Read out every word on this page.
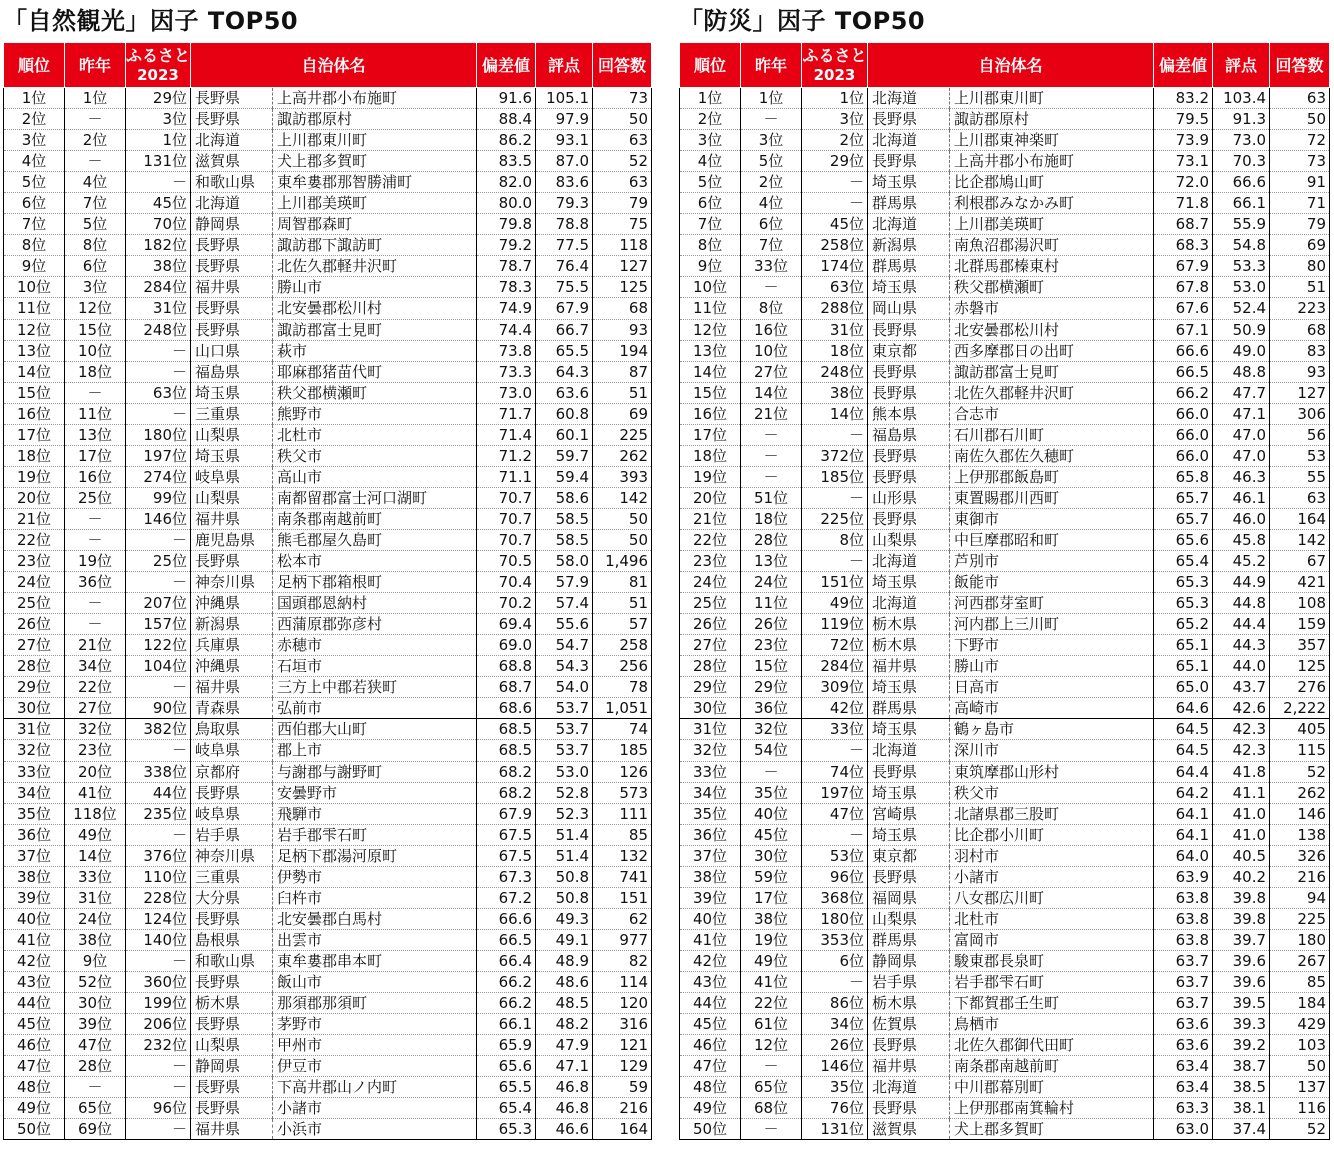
「自然観光」因子 TOP50
順位	昨年	ふるさと
2023	自治体名		偏差値	評点	回答数
1位	1位	29位	長野県	上高井郡小布施町	91.6	105.1	73
2位	－	3位	長野県	諏訪郡原村	88.4	97.9	50
3位	2位	1位	北海道	上川郡東川町	86.2	93.1	63
4位	－	131位	滋賀県	犬上郡多賀町	83.5	87.0	52
5位	4位	－	和歌山県	東牟婁郡那智勝浦町	82.0	83.6	63
6位	7位	45位	北海道	上川郡美瑛町	80.0	79.3	79
7位	5位	70位	静岡県	周智郡森町	79.8	78.8	75
8位	8位	182位	長野県	諏訪郡下諏訪町	79.2	77.5	118
9位	6位	38位	長野県	北佐久郡軽井沢町	78.7	76.4	127
10位	3位	284位	福井県	勝山市	78.3	75.5	125
11位	12位	31位	長野県	北安曇郡松川村	74.9	67.9	68
12位	15位	248位	長野県	諏訪郡富士見町	74.4	66.7	93
13位	10位	－	山口県	萩市	73.8	65.5	194
14位	18位	－	福島県	耶麻郡猪苗代町	73.3	64.3	87
15位	－	63位	埼玉県	秩父郡横瀬町	73.0	63.6	51
16位	11位	－	三重県	熊野市	71.7	60.8	69
17位	13位	180位	山梨県	北杜市	71.4	60.1	225
18位	17位	197位	埼玉県	秩父市	71.2	59.7	262
19位	16位	274位	岐阜県	高山市	71.1	59.4	393
20位	25位	99位	山梨県	南都留郡富士河口湖町	70.7	58.6	142
21位	－	146位	福井県	南条郡南越前町	70.7	58.5	50
22位	－	－	鹿児島県	熊毛郡屋久島町	70.7	58.5	50
23位	19位	25位	長野県	松本市	70.5	58.0	1,496
24位	36位	－	神奈川県	足柄下郡箱根町	70.4	57.9	81
25位	－	207位	沖縄県	国頭郡恩納村	70.2	57.4	51
26位	－	157位	新潟県	西蒲原郡弥彦村	69.4	55.6	57
27位	21位	122位	兵庫県	赤穂市	69.0	54.7	258
28位	34位	104位	沖縄県	石垣市	68.8	54.3	256
29位	22位	－	福井県	三方上中郡若狭町	68.7	54.0	78
30位	27位	90位	青森県	弘前市	68.6	53.7	1,051
31位	32位	382位	鳥取県	西伯郡大山町	68.5	53.7	74
32位	23位	－	岐阜県	郡上市	68.5	53.7	185
33位	20位	338位	京都府	与謝郡与謝野町	68.2	53.0	126
34位	41位	44位	長野県	安曇野市	68.2	52.8	573
35位	118位	235位	岐阜県	飛騨市	67.9	52.3	111
36位	49位	－	岩手県	岩手郡雫石町	67.5	51.4	85
37位	14位	376位	神奈川県	足柄下郡湯河原町	67.5	51.4	132
38位	33位	110位	三重県	伊勢市	67.3	50.8	741
39位	31位	228位	大分県	臼杵市	67.2	50.8	151
40位	24位	124位	長野県	北安曇郡白馬村	66.6	49.3	62
41位	38位	140位	島根県	出雲市	66.5	49.1	977
42位	9位	－	和歌山県	東牟婁郡串本町	66.4	48.9	82
43位	52位	360位	長野県	飯山市	66.2	48.6	114
44位	30位	199位	栃木県	那須郡那須町	66.2	48.5	120
45位	39位	206位	長野県	茅野市	66.1	48.2	316
46位	47位	232位	山梨県	甲州市	65.9	47.9	121
47位	28位	－	静岡県	伊豆市	65.6	47.1	129
48位	－	－	長野県	下高井郡山ノ内町	65.5	46.8	59
49位	65位	96位	長野県	小諸市	65.4	46.8	216
50位	69位	－	福井県	小浜市	65.3	46.6	164
「防災」因子 TOP50
順位	昨年	ふるさと
2023	自治体名		偏差値	評点	回答数
1位	1位	1位	北海道	上川郡東川町	83.2	103.4	63
2位	－	3位	長野県	諏訪郡原村	79.5	91.3	50
3位	3位	2位	北海道	上川郡東神楽町	73.9	73.0	72
4位	5位	29位	長野県	上高井郡小布施町	73.1	70.3	73
5位	2位	－	埼玉県	比企郡鳩山町	72.0	66.6	91
6位	4位	－	群馬県	利根郡みなかみ町	71.8	66.1	71
7位	6位	45位	北海道	上川郡美瑛町	68.7	55.9	79
8位	7位	258位	新潟県	南魚沼郡湯沢町	68.3	54.8	69
9位	33位	174位	群馬県	北群馬郡榛東村	67.9	53.3	80
10位	－	63位	埼玉県	秩父郡横瀬町	67.8	53.0	51
11位	8位	288位	岡山県	赤磐市	67.6	52.4	223
12位	16位	31位	長野県	北安曇郡松川村	67.1	50.9	68
13位	10位	18位	東京都	西多摩郡日の出町	66.6	49.0	83
14位	27位	248位	長野県	諏訪郡富士見町	66.5	48.8	93
15位	14位	38位	長野県	北佐久郡軽井沢町	66.2	47.7	127
16位	21位	14位	熊本県	合志市	66.0	47.1	306
17位	－	－	福島県	石川郡石川町	66.0	47.0	56
18位	－	372位	長野県	南佐久郡佐久穂町	66.0	47.0	53
19位	－	185位	長野県	上伊那郡飯島町	65.8	46.3	55
20位	51位	－	山形県	東置賜郡川西町	65.7	46.1	63
21位	18位	225位	長野県	東御市	65.7	46.0	164
22位	28位	8位	山梨県	中巨摩郡昭和町	65.6	45.8	142
23位	13位	－	北海道	芦別市	65.4	45.2	67
24位	24位	151位	埼玉県	飯能市	65.3	44.9	421
25位	11位	49位	北海道	河西郡芽室町	65.3	44.8	108
26位	26位	119位	栃木県	河内郡上三川町	65.2	44.4	159
27位	23位	72位	栃木県	下野市	65.1	44.3	357
28位	15位	284位	福井県	勝山市	65.1	44.0	125
29位	29位	309位	埼玉県	日高市	65.0	43.7	276
30位	36位	42位	群馬県	高崎市	64.6	42.6	2,222
31位	32位	33位	埼玉県	鶴ヶ島市	64.5	42.3	405
32位	54位	－	北海道	深川市	64.5	42.3	115
33位	－	74位	長野県	東筑摩郡山形村	64.4	41.8	52
34位	35位	197位	埼玉県	秩父市	64.2	41.1	262
35位	40位	47位	宮崎県	北諸県郡三股町	64.1	41.0	146
36位	45位	－	埼玉県	比企郡小川町	64.1	41.0	138
37位	30位	53位	東京都	羽村市	64.0	40.5	326
38位	59位	96位	長野県	小諸市	63.9	40.2	216
39位	17位	368位	福岡県	八女郡広川町	63.8	39.8	94
40位	38位	180位	山梨県	北杜市	63.8	39.8	225
41位	19位	353位	群馬県	富岡市	63.8	39.7	180
42位	49位	6位	静岡県	駿東郡長泉町	63.7	39.6	267
43位	41位	－	岩手県	岩手郡雫石町	63.7	39.6	85
44位	22位	86位	栃木県	下都賀郡壬生町	63.7	39.5	184
45位	61位	34位	佐賀県	鳥栖市	63.6	39.3	429
46位	12位	26位	長野県	北佐久郡御代田町	63.6	39.2	103
47位	－	146位	福井県	南条郡南越前町	63.4	38.7	50
48位	65位	35位	北海道	中川郡幕別町	63.4	38.5	137
49位	68位	76位	長野県	上伊那郡南箕輪村	63.3	38.1	116
50位	－	131位	滋賀県	犬上郡多賀町	63.0	37.4	52
